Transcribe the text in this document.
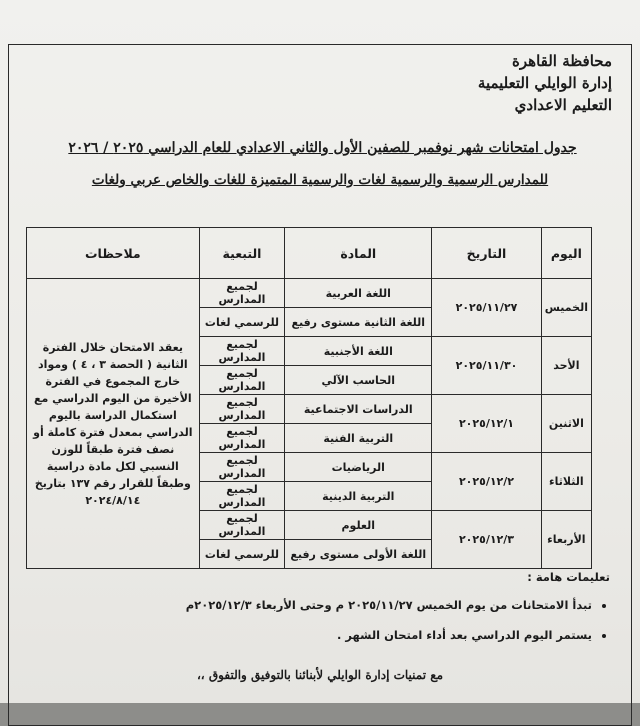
محافظة القاهرة
إدارة الوايلي التعليمية
التعليم الاعدادي
جدول امتحانات شهر نوفمبر للصفين الأول والثاني الاعدادي للعام الدراسي ٢٠٢٥ / ٢٠٢٦
للمدارس الرسمية والرسمية لغات والرسمية المتميزة للغات والخاص عربي ولغات
اليوم	التاريخ	المادة	التبعية	ملاحظات
الخميس	٢٠٢٥/١١/٢٧	اللغة العربية	لجميع المدارس	يعقد الامتحان خلال الفترة الثانية ( الحصة ٣ ، ٤ ) ومواد خارج المجموع في الفترة الأخيرة من اليوم الدراسي مع استكمال الدراسة باليوم الدراسي بمعدل فترة كاملة أو نصف فترة طبقاً للوزن النسبي لكل مادة دراسية وطبقاً للقرار رقم ١٣٧ بتاريخ ٢٠٢٤/٨/١٤
		اللغة الثانية مستوى رفيع	للرسمي لغات	
الأحد	٢٠٢٥/١١/٣٠	اللغة الأجنبية	لجميع المدارس	
		الحاسب الآلي	لجميع المدارس	
الاثنين	٢٠٢٥/١٢/١	الدراسات الاجتماعية	لجميع المدارس	
		التربية الفنية	لجميع المدارس	
الثلاثاء	٢٠٢٥/١٢/٢	الرياضيات	لجميع المدارس	
		التربية الدينية	لجميع المدارس	
الأربعاء	٢٠٢٥/١٢/٣	العلوم	لجميع المدارس	
		اللغة الأولى مستوى رفيع	للرسمي لغات	
تعليمات هامة :
• تبدأ الامتحانات من يوم الخميس ٢٠٢٥/١١/٢٧ م وحتى الأربعاء ٢٠٢٥/١٢/٣م
• يستمر اليوم الدراسي بعد أداء امتحان الشهر .
مع تمنيات إدارة الوايلي لأبنائنا بالتوفيق والتفوق ،،
